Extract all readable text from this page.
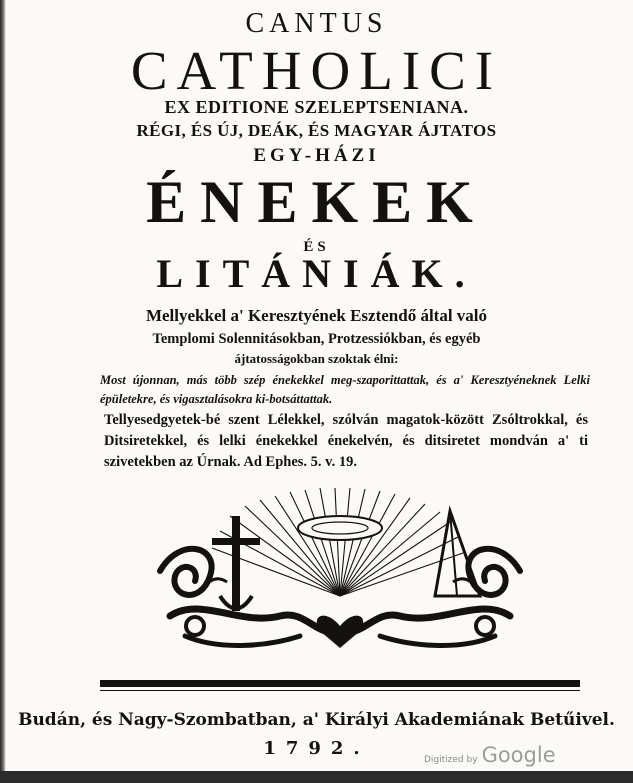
CANTUS
CATHOLICI
EX EDITIONE SZELEPTSENIANA.
RÉGI, ÉS ÚJ, DEÁK, ÉS MAGYAR ÁJTATOS
EGY-HÁZI
ÉNEKEK
ÉS
LITÁNIÁK.
Mellyekkel a' Keresztyének Esztendő által való
Templomi Solennitásokban, Protzessiókban, és egyéb
ájtatosságokban szoktak élni:
Most újonnan, más több szép énekekkel meg-szaporittattak, és a' Keresztyéneknek Lelki épületekre, és vigasztalásokra ki-botsáttattak.
Tellyesedgyetek-bé szent Lélekkel, szólván magatok-között Zsóltrokkal, és Ditsiretekkel, és lelki énekekkel énekelvén, és ditsiretet mondván a' ti szivetekben az Úrnak. Ad Ephes. 5. v. 19.
Budán, és Nagy-Szombatban, a' Királyi Akademiának Betűivel.
1792.
Digitized by Google
